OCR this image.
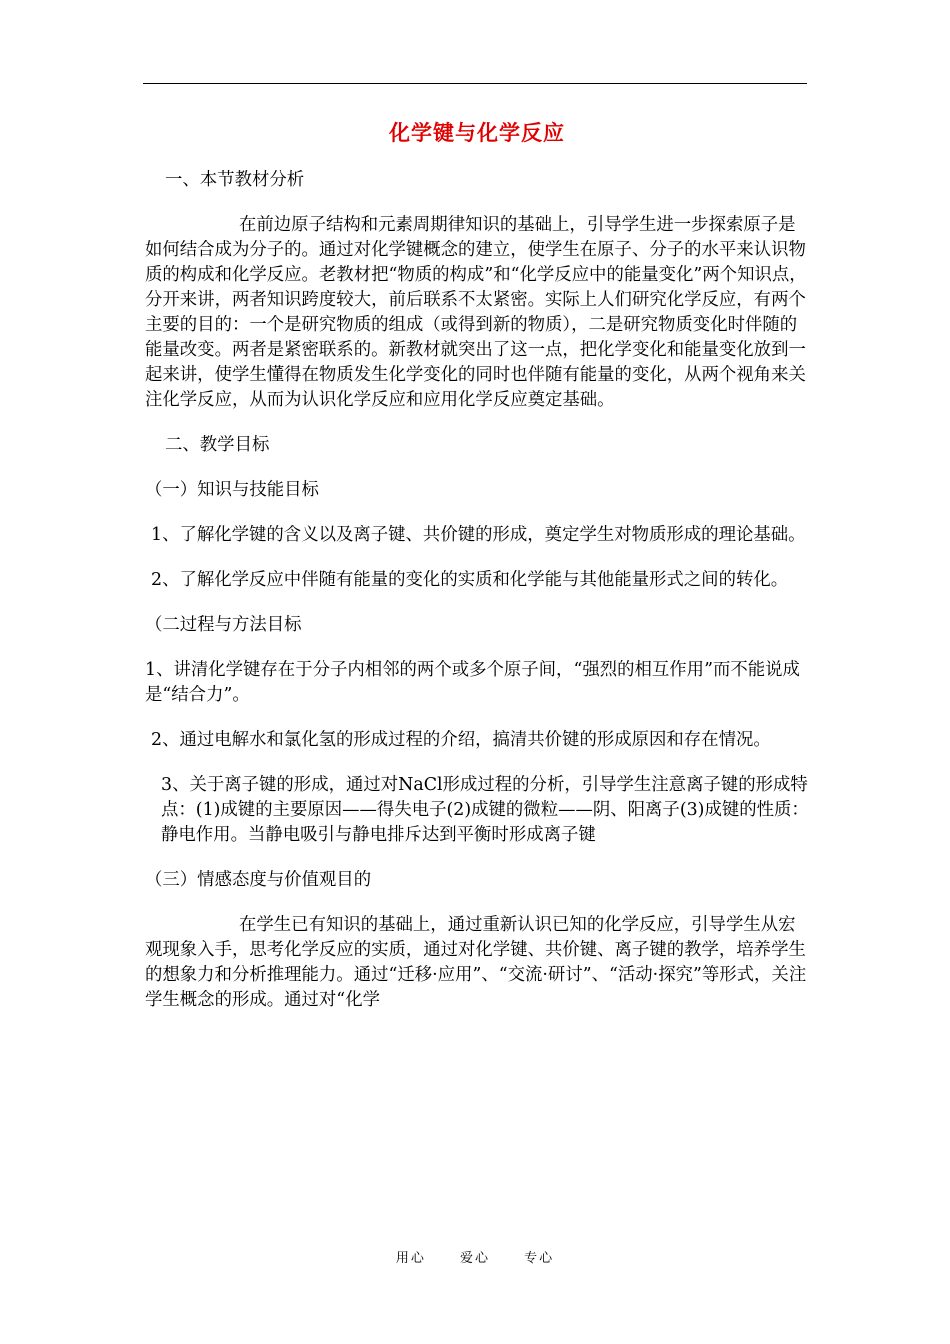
化学键与化学反应

一、本节教材分析

在前边原子结构和元素周期律知识的基础上，引导学生进一步探索原子是如何结合成为分子的。通过对化学键概念的建立，使学生在原子、分子的水平来认识物质的构成和化学反应。老教材把“物质的构成”和“化学反应中的能量变化”两个知识点，分开来讲，两者知识跨度较大，前后联系不太紧密。实际上人们研究化学反应，有两个主要的目的：一个是研究物质的组成（或得到新的物质），二是研究物质变化时伴随的能量改变。两者是紧密联系的。新教材就突出了这一点，把化学变化和能量变化放到一起来讲，使学生懂得在物质发生化学变化的同时也伴随有能量的变化，从两个视角来关注化学反应，从而为认识化学反应和应用化学反应奠定基础。

二、教学目标

（一）知识与技能目标

1、了解化学键的含义以及离子键、共价键的形成，奠定学生对物质形成的理论基础。

2、了解化学反应中伴随有能量的变化的实质和化学能与其他能量形式之间的转化。

（二过程与方法目标

1、讲清化学键存在于分子内相邻的两个或多个原子间，“强烈的相互作用”而不能说成是“结合力”。

2、通过电解水和氯化氢的形成过程的介绍，搞清共价键的形成原因和存在情况。

3、关于离子键的形成，通过对NaCl形成过程的分析，引导学生注意离子键的形成特点：(1)成键的主要原因——得失电子(2)成键的微粒——阴、阳离子(3)成键的性质：静电作用。当静电吸引与静电排斥达到平衡时形成离子键

（三）情感态度与价值观目的

在学生已有知识的基础上，通过重新认识已知的化学反应，引导学生从宏观现象入手，思考化学反应的实质，通过对化学键、共价键、离子键的教学，培养学生的想象力和分析推理能力。通过“迁移·应用”、“交流·研讨”、“活动·探究”等形式，关注学生概念的形成。通过对“化学

用心	爱心	专心
